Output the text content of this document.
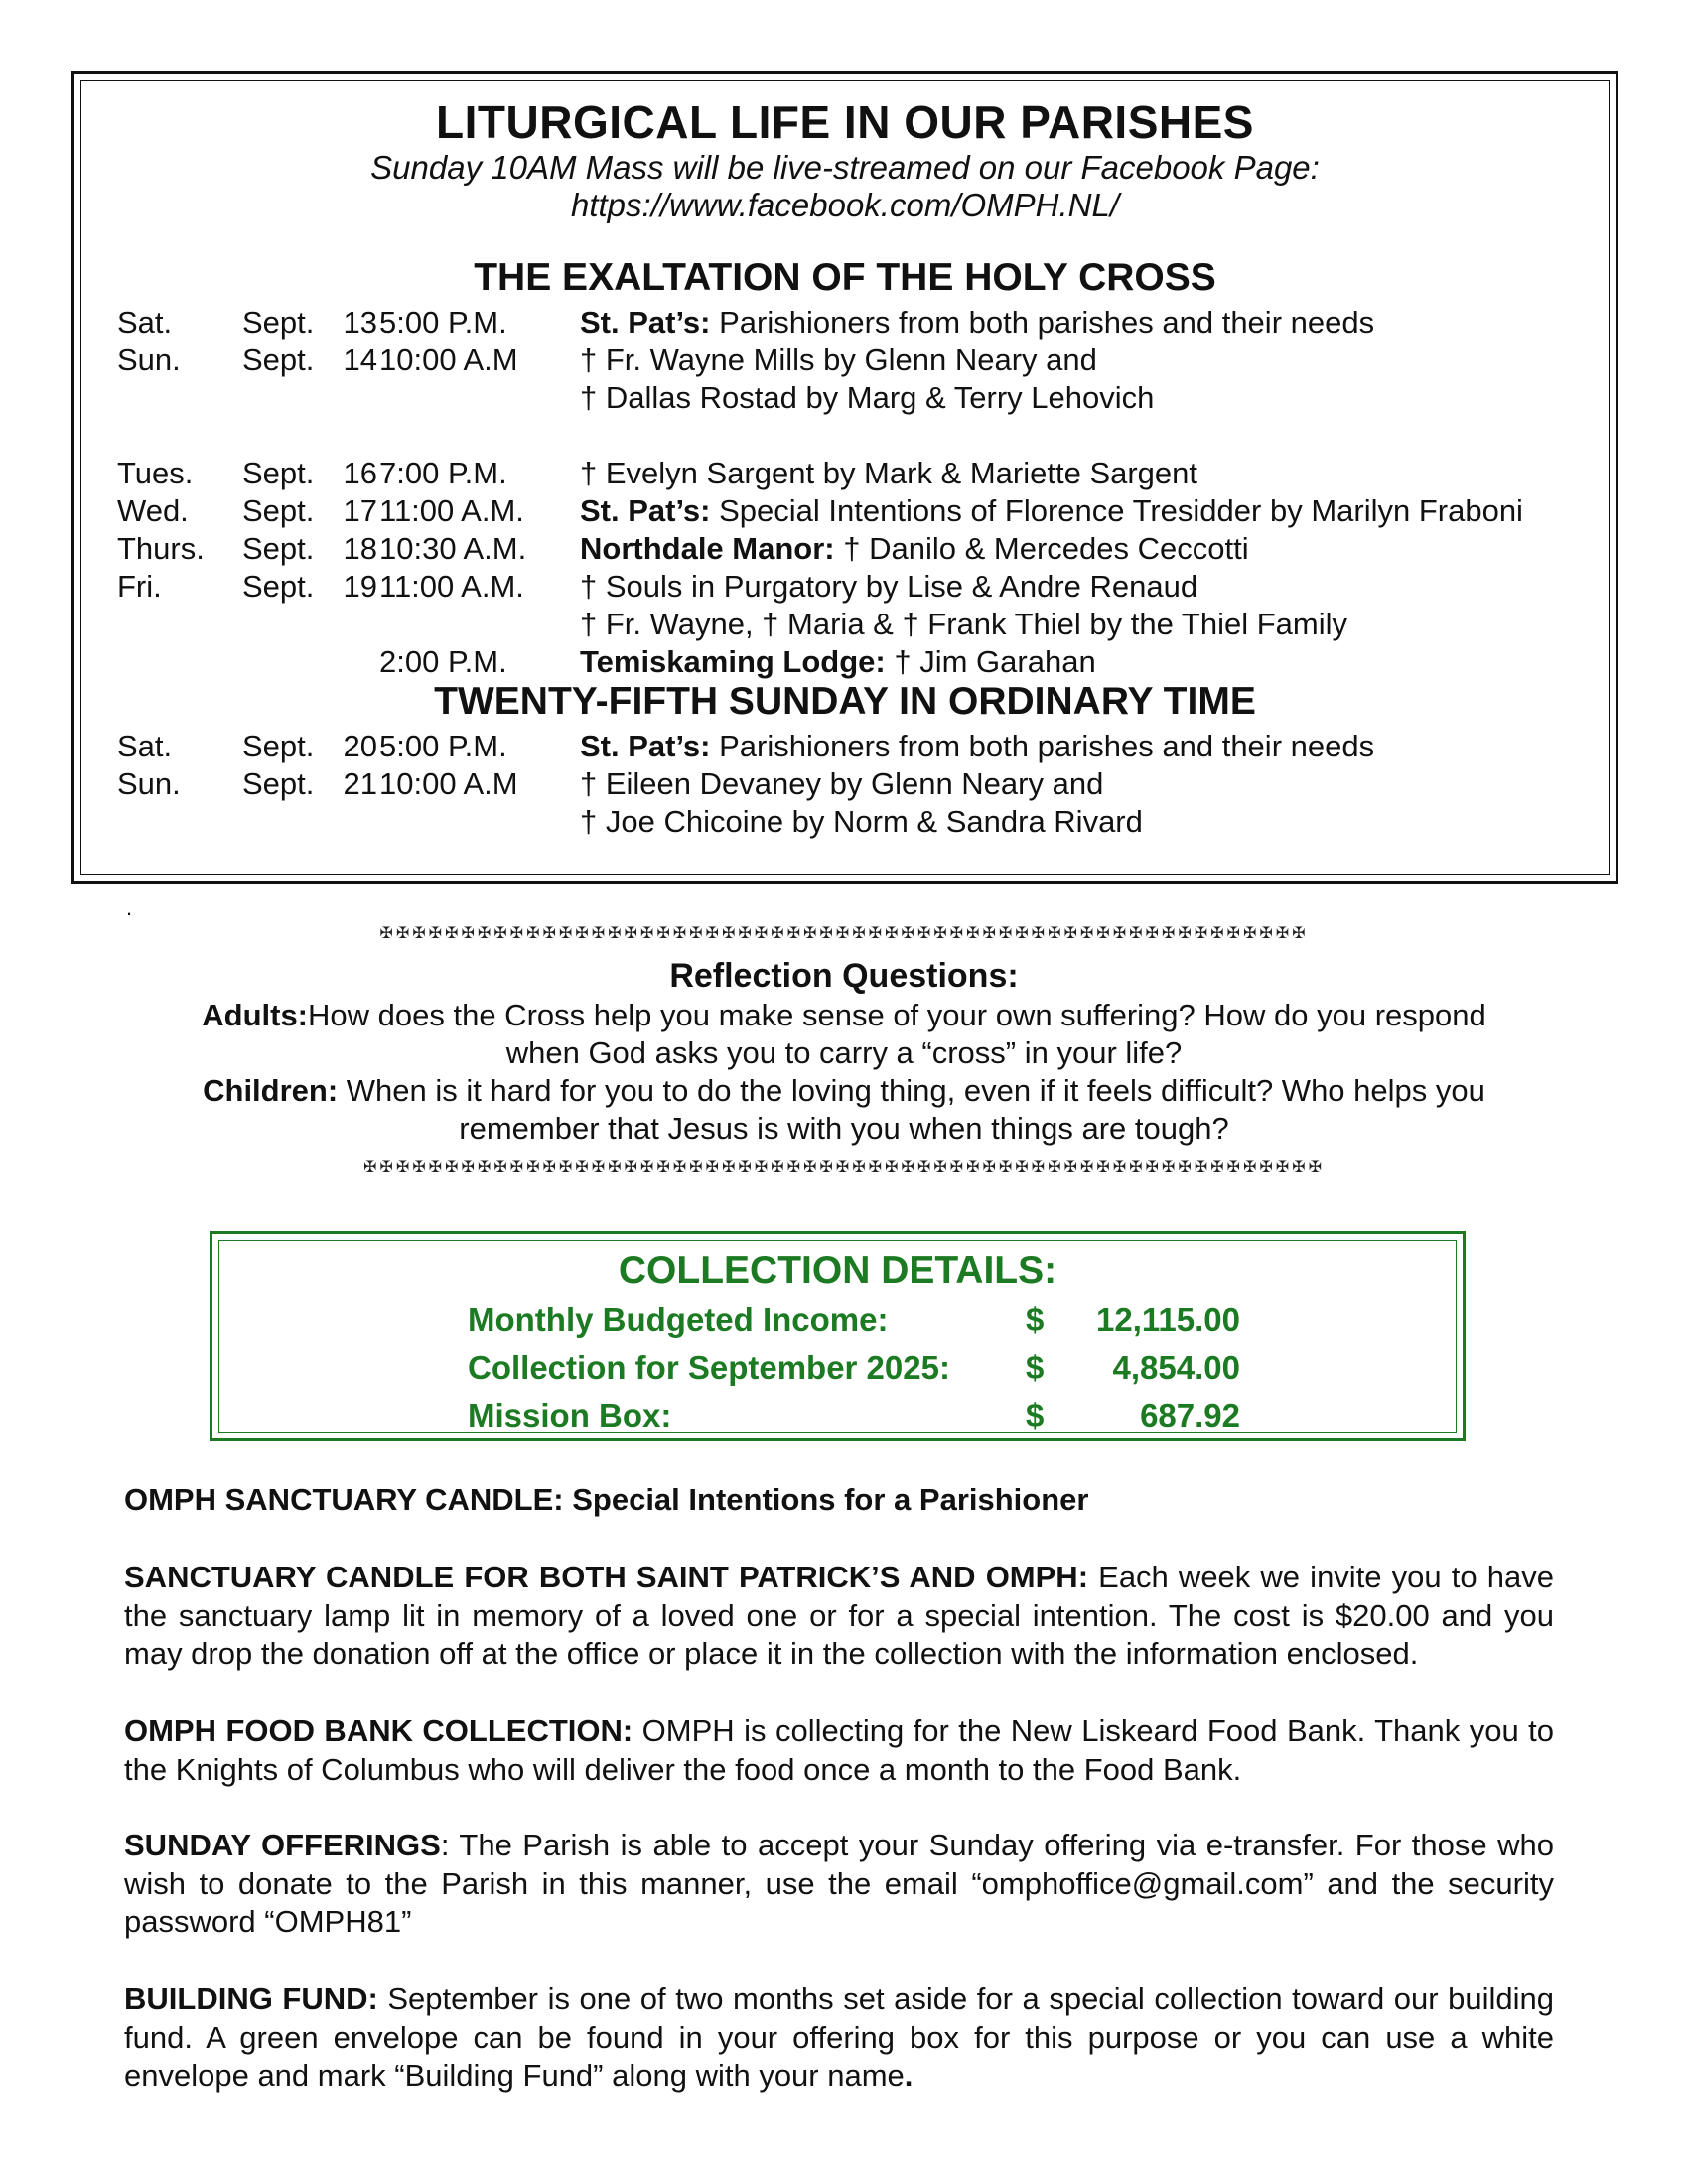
LITURGICAL LIFE IN OUR PARISHES

Sunday 10AM Mass will be live-streamed on our Facebook Page:

https://www.facebook.com/OMPH.NL/

THE EXALTATION OF THE HOLY CROSS
Sat. Sept. 13 5:00 P.M. St. Pat’s: Parishioners from both parishes and their needs
Sun. Sept. 14 10:00 A.M † Fr. Wayne Mills by Glenn Neary and
† Dallas Rostad by Marg & Terry Lehovich
Tues. Sept. 16 7:00 P.M. † Evelyn Sargent by Mark & Mariette Sargent
Wed. Sept. 17 11:00 A.M. St. Pat’s: Special Intentions of Florence Tresidder by Marilyn Fraboni
Thurs. Sept. 18 10:30 A.M. Northdale Manor: † Danilo & Mercedes Ceccotti
Fri.	Sept. 19 11:00 A.M. † Souls in Purgatory by Lise & Andre Renaud
† Fr. Wayne, † Maria & † Frank Thiel by the Thiel Family
2:00 P.M. Temiskaming Lodge: † Jim Garahan
TWENTY-FIFTH SUNDAY IN ORDINARY TIME
Sat. Sept. 20 5:00 P.M. St. Pat’s: Parishioners from both parishes and their needs
Sun. Sept. 21 10:00 A.M † Eileen Devaney by Glenn Neary and
† Joe Chicoine by Norm & Sandra Rivard
.
✠✠✠✠✠✠✠✠✠✠✠✠✠✠✠✠✠✠✠✠✠✠✠✠✠✠✠✠✠✠✠✠✠✠✠✠✠✠✠✠✠✠✠✠✠✠✠✠✠✠✠✠✠✠✠✠✠
Reflection Questions:

Adults:How does the Cross help you make sense of your own suffering? How do you respond

when God asks you to carry a “cross” in your life?

Children: When is it hard for you to do the loving thing, even if it feels difficult? Who helps you

remember that Jesus is with you when things are tough?

✠✠✠✠✠✠✠✠✠✠✠✠✠✠✠✠✠✠✠✠✠✠✠✠✠✠✠✠✠✠✠✠✠✠✠✠✠✠✠✠✠✠✠✠✠✠✠✠✠✠✠✠✠✠✠✠✠✠✠
COLLECTION DETAILS:
Monthly Budgeted Income:	$	12,115.00
Collection for September 2025: $	4,854.00
Mission Box:	$	687.92

OMPH SANCTUARY CANDLE: Special Intentions for a Parishioner

SANCTUARY CANDLE FOR BOTH SAINT PATRICK’S AND OMPH: Each week we invite you to have the sanctuary lamp lit in memory of a loved one or for a special intention. The cost is $20.00 and you may drop the donation off at the office or place it in the collection with the information enclosed.

OMPH FOOD BANK COLLECTION: OMPH is collecting for the New Liskeard Food Bank. Thank you to the Knights of Columbus who will deliver the food once a month to the Food Bank.

SUNDAY OFFERINGS: The Parish is able to accept your Sunday offering via e-transfer. For those who wish to donate to the Parish in this manner, use the email “omphoffice@gmail.com” and the security password “OMPH81”

BUILDING FUND: September is one of two months set aside for a special collection toward our building fund. A green envelope can be found in your offering box for this purpose or you can use a white envelope and mark “Building Fund” along with your name.
